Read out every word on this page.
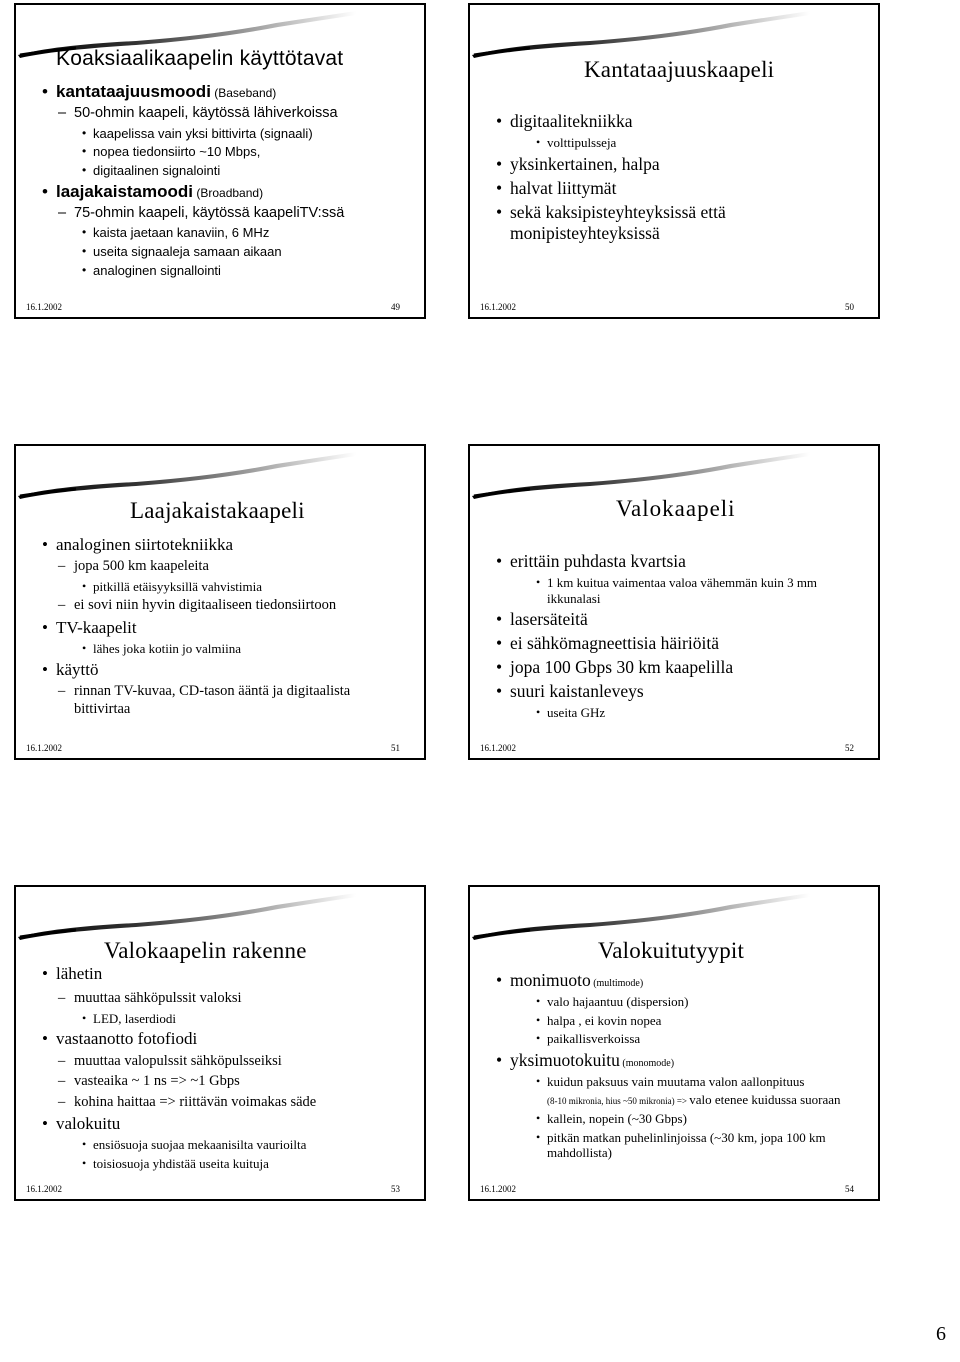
Koaksiaalikaapelin käyttötavat
• kantataajuusmoodi (Baseband)
– 50-ohmin kaapeli, käytössä lähiverkoissa
• kaapelissa vain yksi bittivirta (signaali)
• nopea tiedonsiirto ~10 Mbps,
• digitaalinen signalointi
• laajakaistamoodi (Broadband)
– 75-ohmin kaapeli, käytössä kaapeliTV:ssä
• kaista jaetaan kanaviin, 6 MHz
• useita signaaleja samaan aikaan
• analoginen signallointi
16.1.2002	49
Kantataajuuskaapeli
• digitaalitekniikka
• volttipulsseja
• yksinkertainen, halpa
• halvat liittymät
• sekä kaksipisteyhteyksissä että monipisteyhteyksissä
16.1.2002	50
Laajakaistakaapeli
• analoginen siirtotekniikka
– jopa 500 km kaapeleita
• pitkillä etäisyyksillä vahvistimia
– ei sovi niin hyvin digitaaliseen tiedonsiirtoon
• TV-kaapelit
• lähes joka kotiin jo valmiina
• käyttö
– rinnan TV-kuvaa, CD-tason ääntä ja digitaalista bittivirtaa
16.1.2002	51
Valokaapeli
• erittäin puhdasta kvartsia
• 1 km kuitua vaimentaa valoa vähemmän kuin 3 mm ikkunalasi
• lasersäteitä
• ei sähkömagneettisia häiriöitä
• jopa 100 Gbps 30 km kaapelilla
• suuri kaistanleveys
• useita GHz
16.1.2002	52
Valokaapelin rakenne
• lähetin
– muuttaa sähköpulssit valoksi
• LED, laserdiodi
• vastaanotto fotofiodi
– muuttaa valopulssit sähköpulsseiksi
– vasteaika ~ 1 ns => ~1 Gbps
– kohina haittaa => riittävän voimakas säde
• valokuitu
• ensiösuoja suojaa mekaanisilta vaurioilta
• toisiosuoja yhdistää useita kuituja
16.1.2002	53
Valokuitutyypit
• monimuoto (multimode)
• valo hajaantuu (dispersion)
• halpa , ei kovin nopea
• paikallisverkoissa
• yksimuotokuitu (monomode)
• kuidun paksuus vain muutama valon aallonpituus
(8-10 mikronia, hius ~50 mikronia) => valo etenee kuidussa suoraan
• kallein, nopein (~30 Gbps)
• pitkän matkan puhelinlinjoissa (~30 km, jopa 100 km mahdollista)
16.1.2002	54
6
